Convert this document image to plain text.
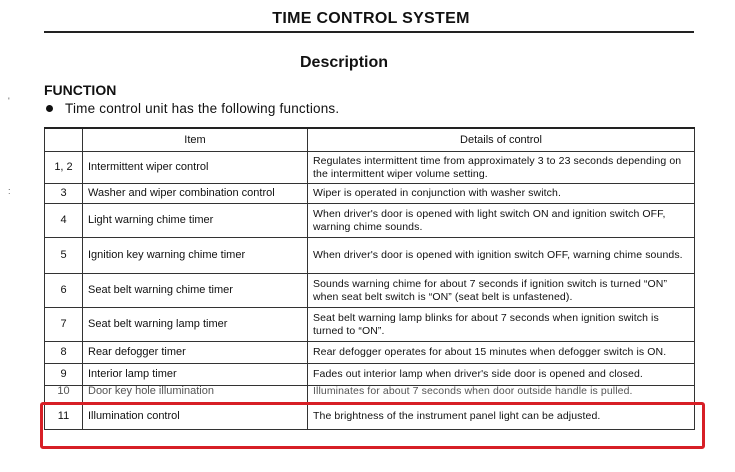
TIME CONTROL SYSTEM
Description
'
:
FUNCTION
Time control unit has the following functions.
	Item	Details of control
1, 2	Intermittent wiper control	Regulates intermittent time from approximately 3 to 23 seconds depending on the intermittent wiper volume setting.
3	Washer and wiper combination control	Wiper is operated in conjunction with washer switch.
4	Light warning chime timer	When driver's door is opened with light switch ON and ignition switch OFF, warning chime sounds.
5	Ignition key warning chime timer	When driver's door is opened with ignition switch OFF, warning chime sounds.
6	Seat belt warning chime timer	Sounds warning chime for about 7 seconds if ignition switch is turned “ON” when seat belt switch is “ON” (seat belt is unfastened).
7	Seat belt warning lamp timer	Seat belt warning lamp blinks for about 7 seconds when ignition switch is turned to “ON”.
8	Rear defogger timer	Rear defogger operates for about 15 minutes when defogger switch is ON.
9	Interior lamp timer	Fades out interior lamp when driver's side door is opened and closed.
10	Door key hole illumination	Illuminates for about 7 seconds when door outside handle is pulled.
11	Illumination control	The brightness of the instrument panel light can be adjusted.
